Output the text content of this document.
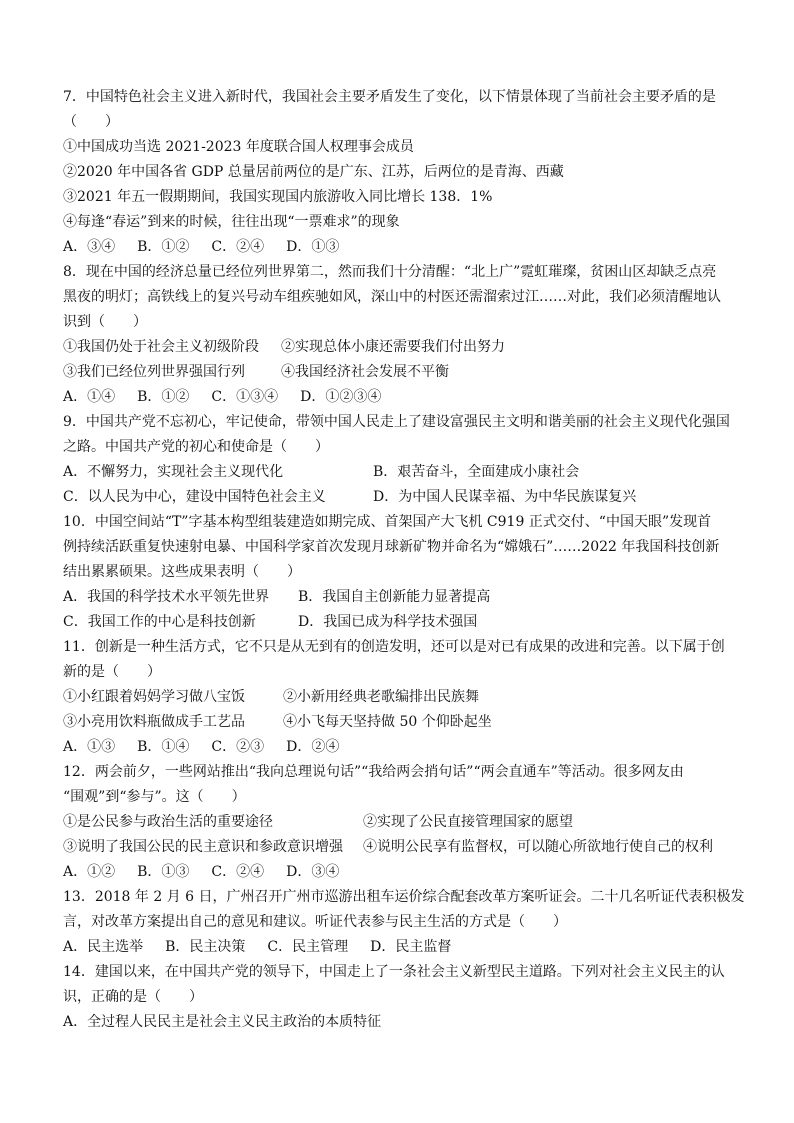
7．中国特色社会主义进入新时代，我国社会主要矛盾发生了变化，以下情景体现了当前社会主要矛盾的是
（　　）
①中国成功当选 2021-2023 年度联合国人权理事会成员
②2020 年中国各省 GDP 总量居前两位的是广东、江苏，后两位的是青海、西藏
③2021 年五一假期期间，我国实现国内旅游收入同比增长 138．1%
④每逢“春运”到来的时候，往往出现“一票难求”的现象
A．③④ B．①② C．②④ D．①③
8．现在中国的经济总量已经位列世界第二，然而我们十分清醒：“北上广”霓虹璀璨，贫困山区却缺乏点亮
黑夜的明灯；高铁线上的复兴号动车组疾驰如风，深山中的村医还需溜索过江……对此，我们必须清醒地认
识到（　　）
①我国仍处于社会主义初级阶段	②实现总体小康还需要我们付出努力
③我们已经位列世界强国行列	④我国经济社会发展不平衡
A．①④ B．①② C．①③④ D．①②③④
9．中国共产党不忘初心，牢记使命，带领中国人民走上了建设富强民主文明和谐美丽的社会主义现代化强国
之路。中国共产党的初心和使命是（　　）
A．不懈努力，实现社会主义现代化	B．艰苦奋斗，全面建成小康社会
C．以人民为中心，建设中国特色社会主义	D．为中国人民谋幸福、为中华民族谋复兴
10．中国空间站“T”字基本构型组装建造如期完成、首架国产大飞机 C919 正式交付、“中国天眼”发现首
例持续活跃重复快速射电暴、中国科学家首次发现月球新矿物并命名为“嫦娥石”……2022 年我国科技创新
结出累累硕果。这些成果表明（　　）
A．我国的科学技术水平领先世界	B．我国自主创新能力显著提高
C．我国工作的中心是科技创新	D．我国已成为科学技术强国
11．创新是一种生活方式，它不只是从无到有的创造发明，还可以是对已有成果的改进和完善。以下属于创
新的是（　　）
①小红跟着妈妈学习做八宝饭	②小新用经典老歌编排出民族舞
③小亮用饮料瓶做成手工艺品	④小飞每天坚持做 50 个仰卧起坐
A．①③ B．①④ C．②③ D．②④
12．两会前夕，一些网站推出“我向总理说句话”“我给两会捎句话”“两会直通车”等活动。很多网友由
“围观”到“参与”。这（　　）
①是公民参与政治生活的重要途径	②实现了公民直接管理国家的愿望
③说明了我国公民的民主意识和参政意识增强	④说明公民享有监督权，可以随心所欲地行使自己的权利
A．①② B．①③ C．②④ D．③④
13．2018 年 2 月 6 日，广州召开广州市巡游出租车运价综合配套改革方案听证会。二十几名听证代表积极发
言，对改革方案提出自己的意见和建议。听证代表参与民主生活的方式是（　　）
A．民主选举 B．民主决策 C．民主管理 D．民主监督
14．建国以来，在中国共产党的领导下，中国走上了一条社会主义新型民主道路。下列对社会主义民主的认
识，正确的是（　　）
A．全过程人民民主是社会主义民主政治的本质特征
